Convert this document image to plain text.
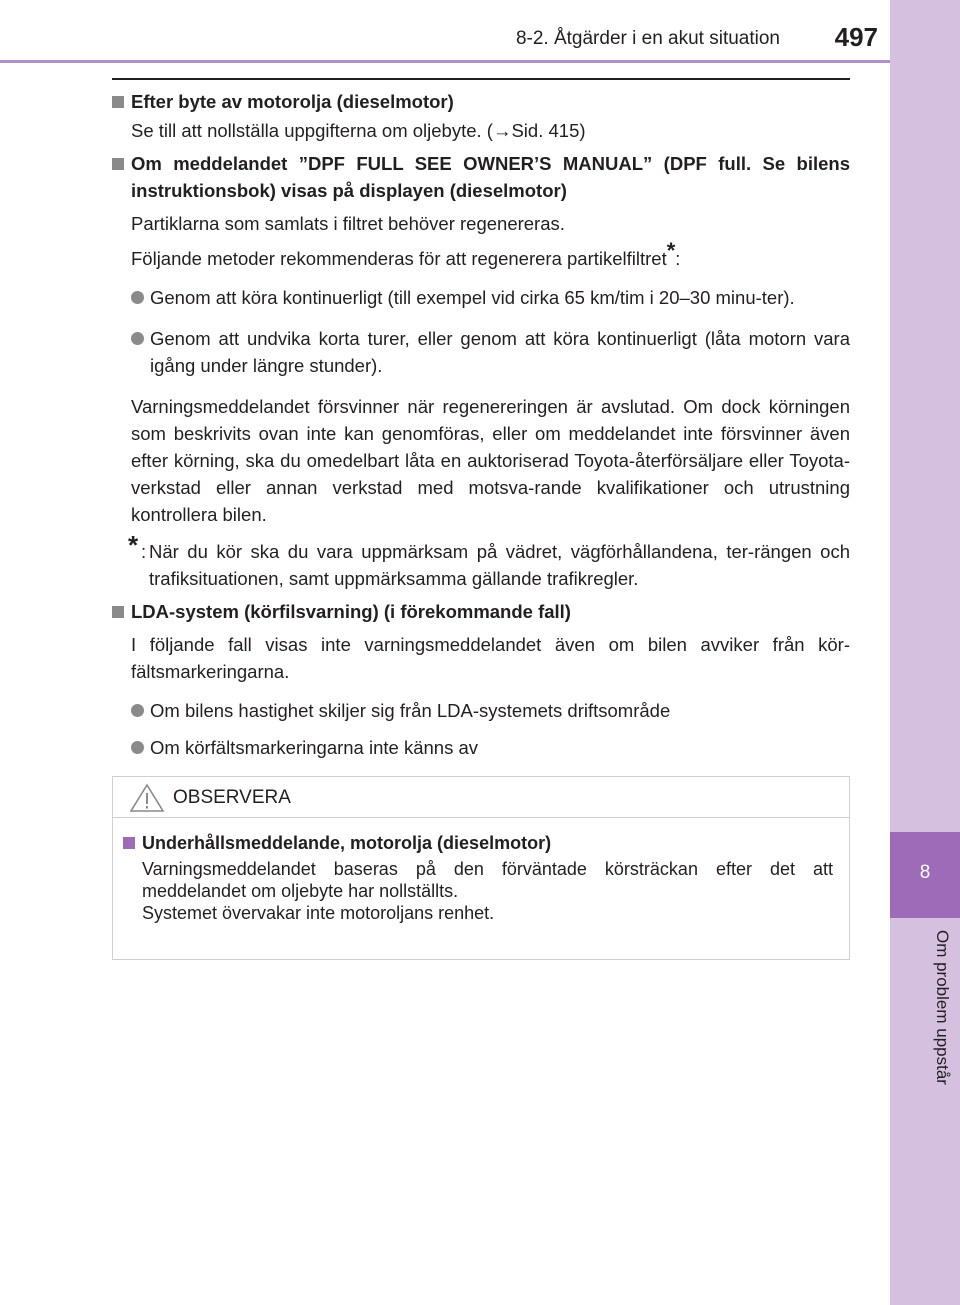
8-2. Åtgärder i en akut situation 497
8
Om problem uppstår

Efter byte av motorolja (dieselmotor)

Se till att nollställa uppgifterna om oljebyte. (→Sid. 415)

Om meddelandet ”DPF FULL SEE OWNER’S MANUAL” (DPF full. Se bilens instruktionsbok) visas på displayen (dieselmotor)

Partiklarna som samlats i filtret behöver regenereras.

Följande metoder rekommenderas för att regenerera partikelfiltret*:

Genom att köra kontinuerligt (till exempel vid cirka 65 km/tim i 20–30 minu-ter).

Genom att undvika korta turer, eller genom att köra kontinuerligt (låta motorn vara igång under längre stunder).

Varningsmeddelandet försvinner när regenereringen är avslutad. Om dock körningen som beskrivits ovan inte kan genomföras, eller om meddelandet inte försvinner även efter körning, ska du omedelbart låta en auktoriserad Toyota-återförsäljare eller Toyota-verkstad eller annan verkstad med motsva-rande kvalifikationer och utrustning kontrollera bilen.

* : När du kör ska du vara uppmärksam på vädret, vägförhållandena, ter-rängen och trafiksituationen, samt uppmärksamma gällande trafikregler.

LDA-system (körfilsvarning) (i förekommande fall)

I följande fall visas inte varningsmeddelandet även om bilen avviker från kör-fältsmarkeringarna.

Om bilens hastighet skiljer sig från LDA-systemets driftsområde

Om körfältsmarkeringarna inte känns av

OBSERVERA

Underhållsmeddelande, motorolja (dieselmotor)

Varningsmeddelandet baseras på den förväntade körsträckan efter det att meddelandet om oljebyte har nollställts.

Systemet övervakar inte motoroljans renhet.
